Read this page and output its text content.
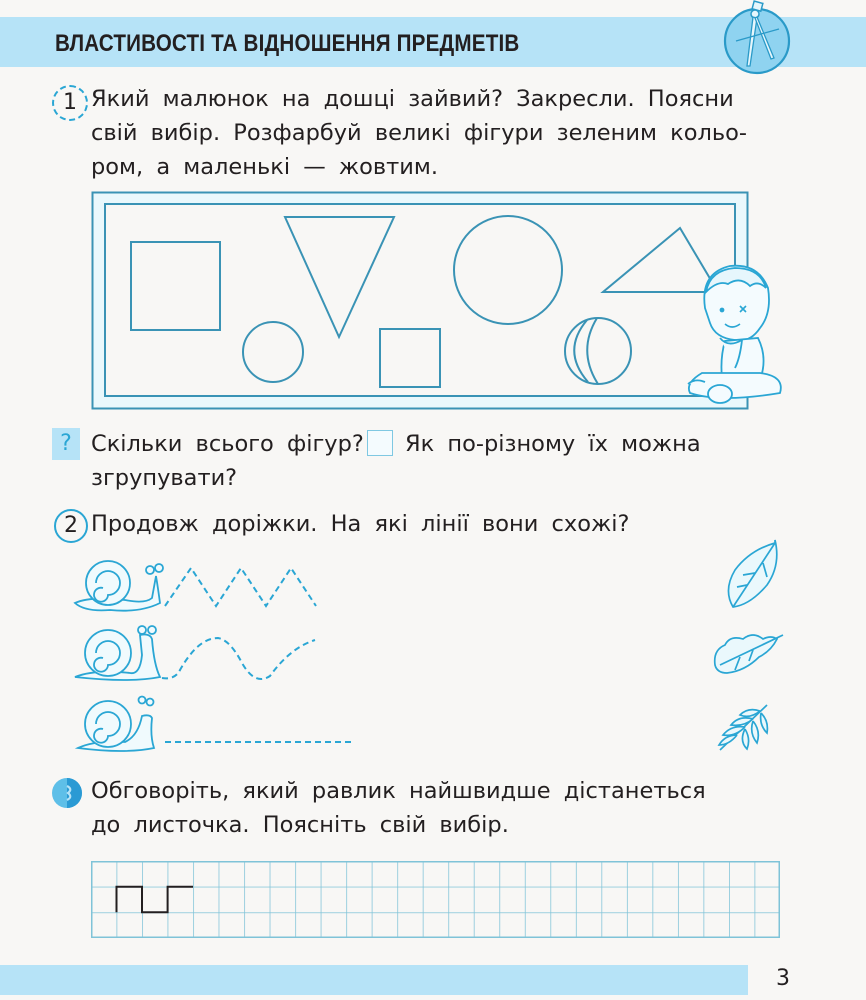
ВЛАСТИВОСТІ ТА ВІДНОШЕННЯ ПРЕДМЕТІВ
1 Який малюнок на дошці зайвий? Закресли. Поясни
свій вибір. Розфарбуй великі фігури зеленим кольо-
ром, а маленькі — жовтим.
? Скільки всього фігур? Як по-різному їх можна
згрупувати?
2 Продовж доріжки. На які лінії вони схожі?
Обговоріть, який равлик найшвидше дістанеться
до листочка. Поясніть свій вибір.
3
